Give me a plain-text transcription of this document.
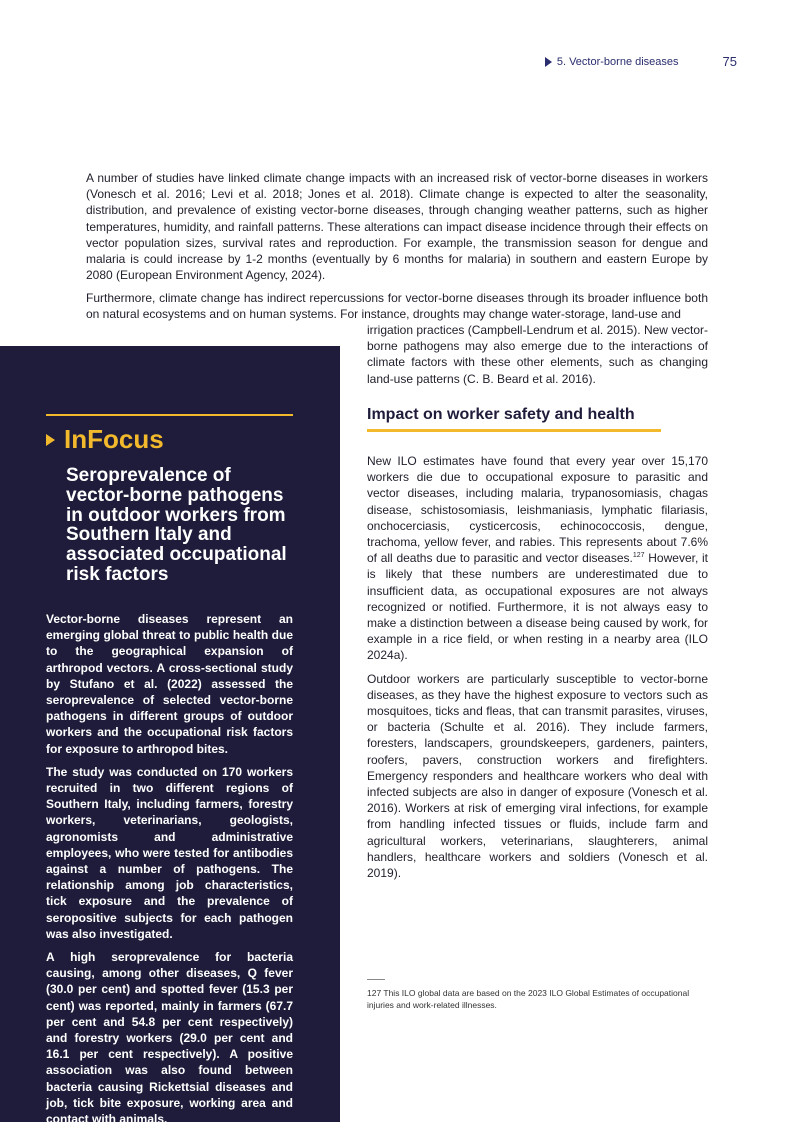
5. Vector-borne diseases	75

A number of studies have linked climate change impacts with an increased risk of vector-borne diseases in workers (Vonesch et al. 2016; Levi et al. 2018; Jones et al. 2018). Climate change is expected to alter the seasonality, distribution, and prevalence of existing vector-borne diseases, through changing weather patterns, such as higher temperatures, humidity, and rainfall patterns. These alterations can impact disease incidence through their effects on vector population sizes, survival rates and reproduction. For example, the transmission season for dengue and malaria is could increase by 1-2 months (eventually by 6 months for malaria) in southern and eastern Europe by 2080 (European Environment Agency, 2024).

Furthermore, climate change has indirect repercussions for vector-borne diseases through its broader influence both on natural ecosystems and on human systems. For instance, droughts may change water-storage, land-use and
irrigation practices (Campbell-Lendrum et al. 2015). New vector-borne pathogens may also emerge due to the interactions of climate factors with these other elements, such as changing land-use patterns (C. B. Beard et al. 2016).
InFocus
Seroprevalence of vector-borne pathogens in outdoor workers from Southern Italy and associated occupational risk factors

Vector-borne diseases represent an emerging global threat to public health due to the geographical expansion of arthropod vectors. A cross-sectional study by Stufano et al. (2022) assessed the seroprevalence of selected vector-borne pathogens in different groups of outdoor workers and the occupational risk factors for exposure to arthropod bites.

The study was conducted on 170 workers recruited in two different regions of Southern Italy, including farmers, forestry workers, veterinarians, geologists, agronomists and administrative employees, who were tested for antibodies against a number of pathogens. The relationship among job characteristics, tick exposure and the prevalence of seropositive subjects for each pathogen was also investigated.

A high seroprevalence for bacteria causing, among other diseases, Q fever (30.0 per cent) and spotted fever (15.3 per cent) was reported, mainly in farmers (67.7 per cent and 54.8 per cent respectively) and forestry workers (29.0 per cent and 16.1 per cent respectively). A positive association was also found between bacteria causing Rickettsial diseases and job, tick bite exposure, working area and contact with animals.

Impact on worker safety and health

New ILO estimates have found that every year over 15,170 workers die due to occupational exposure to parasitic and vector diseases, including malaria, trypanosomiasis, chagas disease, schistosomiasis, leishmaniasis, lymphatic filariasis, onchocerciasis, cysticercosis, echinococcosis, dengue, trachoma, yellow fever, and rabies. This represents about 7.6% of all deaths due to parasitic and vector diseases.$^{127}$ However, it is likely that these numbers are underestimated due to insufficient data, as occupational exposures are not always recognized or notified. Furthermore, it is not always easy to make a distinction between a disease being caused by work, for example in a rice field, or when resting in a nearby area (ILO 2024a).

Outdoor workers are particularly susceptible to vector-borne diseases, as they have the highest exposure to vectors such as mosquitoes, ticks and fleas, that can transmit parasites, viruses, or bacteria (Schulte et al. 2016). They include farmers, foresters, landscapers, groundskeepers, gardeners, painters, roofers, pavers, construction workers and firefighters. Emergency responders and healthcare workers who deal with infected subjects are also in danger of exposure (Vonesch et al. 2016). Workers at risk of emerging viral infections, for example from handling infected tissues or fluids, include farm and agricultural workers, veterinarians, slaughterers, animal handlers, healthcare workers and soldiers (Vonesch et al. 2019).

127 This ILO global data are based on the 2023 ILO Global Estimates of occupational injuries and work-related illnesses.
